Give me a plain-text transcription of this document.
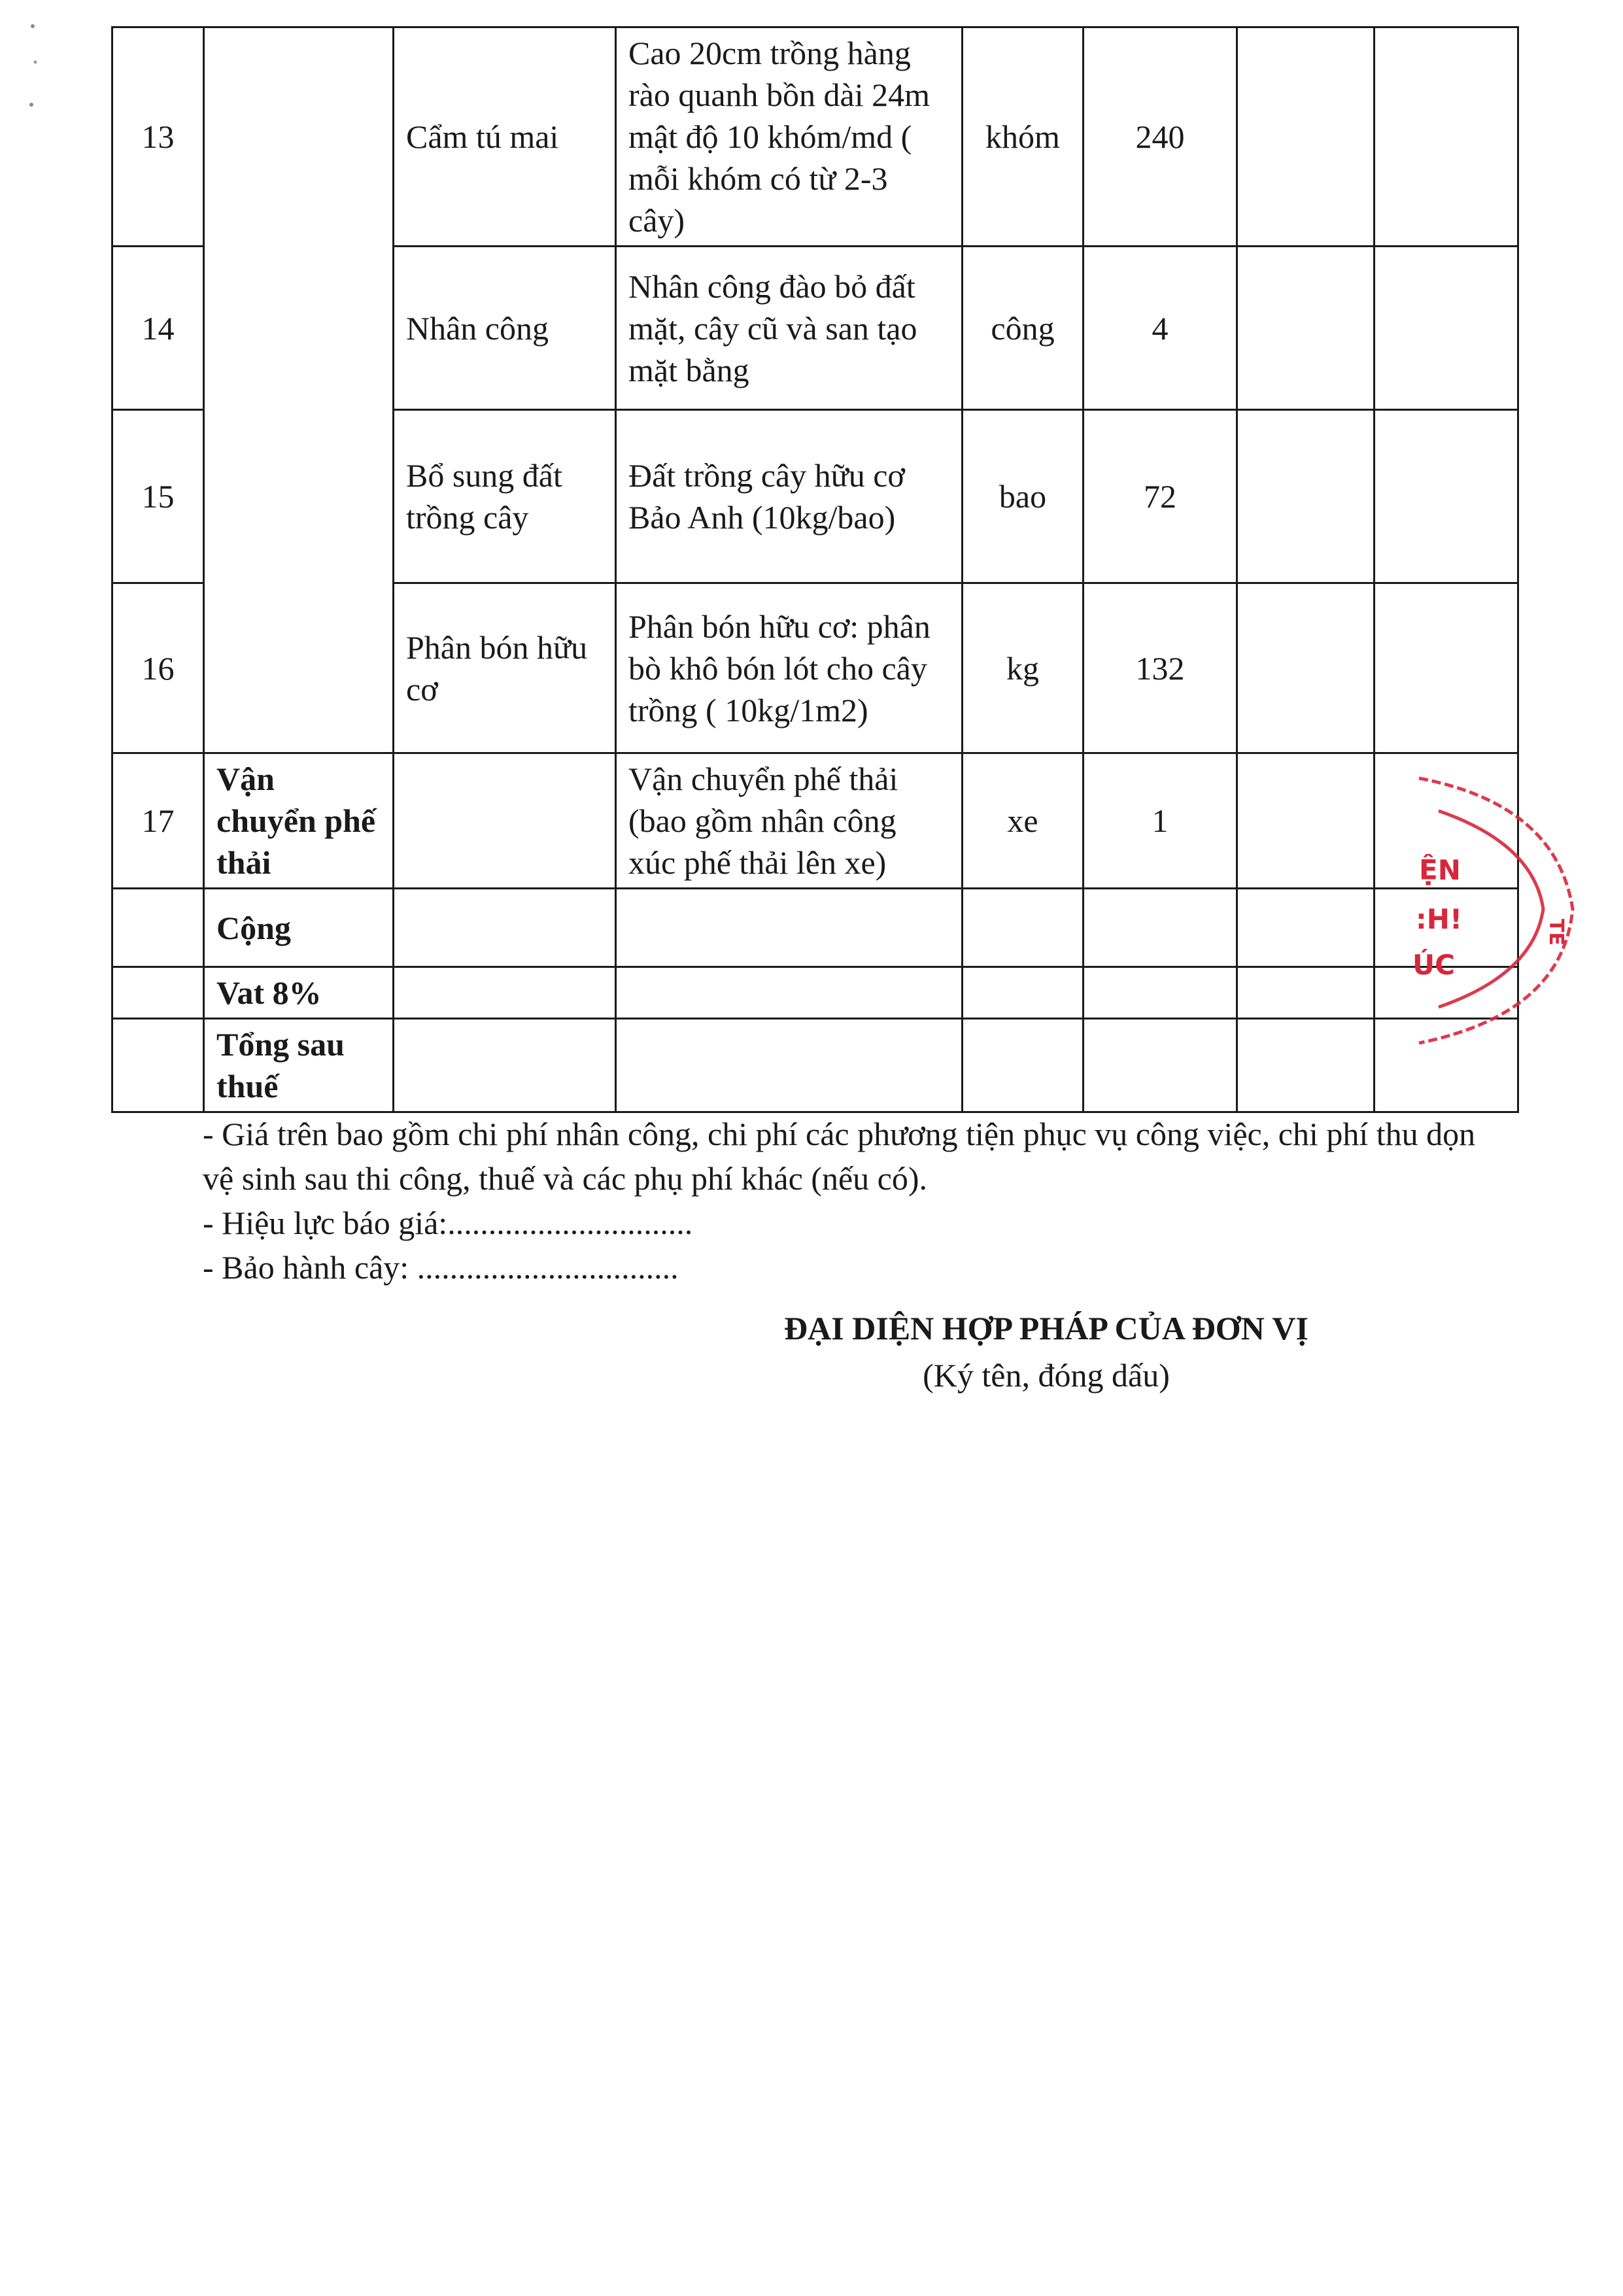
13		Cẩm tú mai	Cao 20cm trồng hàng rào quanh bồn dài 24m mật độ 10 khóm/md ( mỗi khóm có từ 2-3 cây)	khóm	240		
14		Nhân công	Nhân công đào bỏ đất mặt, cây cũ và san tạo mặt bằng	công	4		
15		Bổ sung đất trồng cây	Đất trồng cây hữu cơ Bảo Anh (10kg/bao)	bao	72		
16		Phân bón hữu cơ	Phân bón hữu cơ: phân bò khô bón lót cho cây trồng ( 10kg/1m2)	kg	132		
17	Vận chuyển phế thải		Vận chuyển phế thải (bao gồm nhân công xúc phế thải lên xe)	xe	1		
	Cộng						
	Vat 8%						
	Tổng sau thuế						
ỆN
:H!
ÚC
TE

- Giá trên bao gồm chi phí nhân công, chi phí các phương tiện phục vụ công việc, chi phí thu dọn vệ sinh sau thi công, thuế và các phụ phí khác (nếu có).

- Hiệu lực báo giá:..............................

- Bảo hành cây: ................................

ĐẠI DIỆN HỢP PHÁP CỦA ĐƠN VỊ
(Ký tên, đóng dấu)
